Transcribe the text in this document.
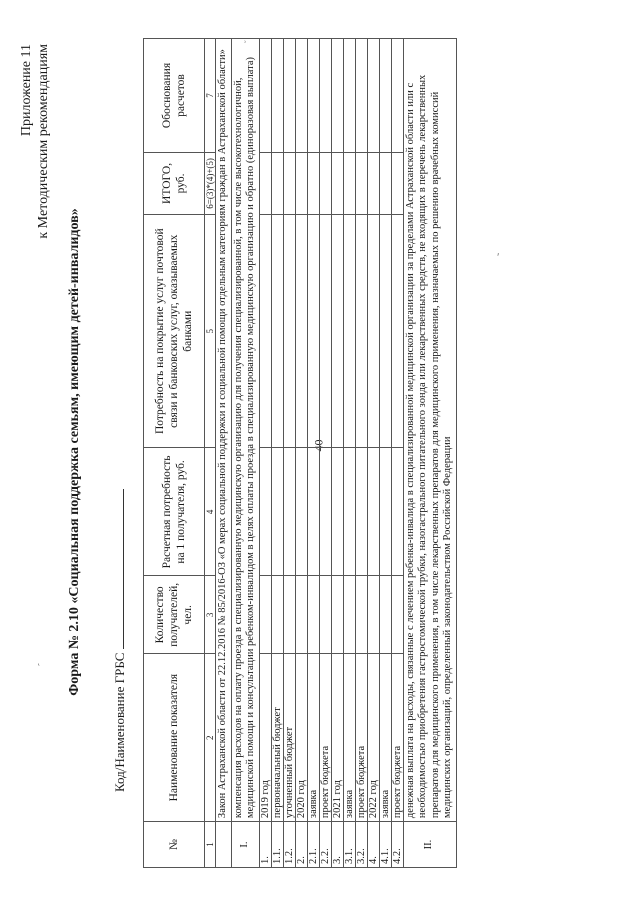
40
ͺ
ʾ
ʹ
Приложение 11 к Методическим рекомендациям
Форма № 2.10 «Социальная поддержка семьям, имеющим детей-инвалидов»
Код/Наименование ГРБС
№	Наименование показателя	Количество получателей, чел.	Расчетная потребность на 1 получателя, руб.	Потребность на покрытие услуг почтовой связи и банковских услуг, оказываемых банками	ИТОГО, руб.	Обоснования расчетов
1	2	3	4	5	6=(3)*(4)+(5)	7
	Закон Астраханской области от 22.12.2016 № 85/2016-ОЗ «О мерах социальной поддержки и социальной помощи отдельным категориям граждан в Астраханской области»					
I.	компенсация расходов на оплату проезда в специализированную медицинскую организацию для получения специализированной, в том числе высокотехнологичной, медицинской помощи и консультации ребенком-инвалидом в целях оплаты проезда в специализированную медицинскую организацию и обратно (единоразовая выплата)					
1.	2019 год					
1.1.	первоначальный бюджет					
1.2.	уточненный бюджет					
2.	2020 год					
2.1.	заявка					
2.2.	проект бюджета					
3.	2021 год					
3.1.	заявка					
3.2.	проект бюджета					
4.	2022 год					
4.1.	заявка					
4.2.	проект бюджета					
II.	денежная выплата на расходы, связанные с лечением ребенка-инвалида в специализированной медицинской организации за пределами Астраханской области или с необходимостью приобретения гастростомической трубки, назогастрального питательного зонда или лекарственных средств, не входящих в перечень лекарственных препаратов для медицинского применения, в том числе лекарственных препаратов для медицинского применения, назначаемых по решению врачебных комиссий медицинских организаций, определенный законодательством Российской Федерации					
